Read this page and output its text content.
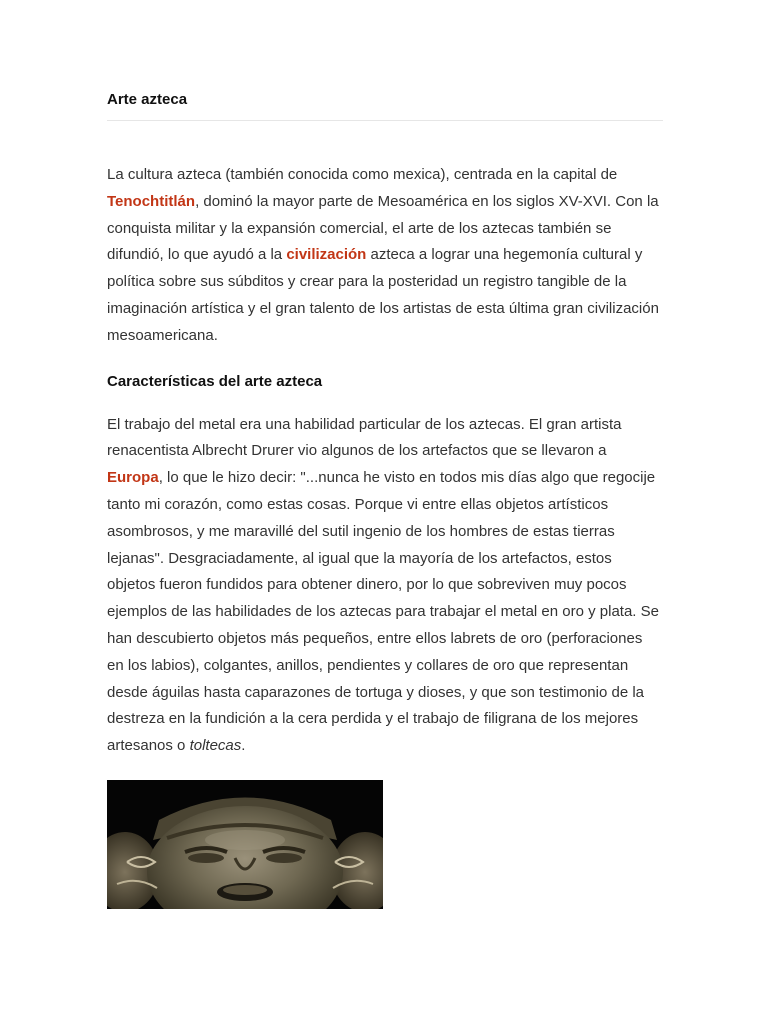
Arte azteca

La cultura azteca (también conocida como mexica), centrada en la capital de Tenochtitlán, dominó la mayor parte de Mesoamérica en los siglos XV-XVI. Con la conquista militar y la expansión comercial, el arte de los aztecas también se difundió, lo que ayudó a la civilización azteca a lograr una hegemonía cultural y política sobre sus súbditos y crear para la posteridad un registro tangible de la imaginación artística y el gran talento de los artistas de esta última gran civilización mesoamericana.

Características del arte azteca

El trabajo del metal era una habilidad particular de los aztecas. El gran artista renacentista Albrecht Drurer vio algunos de los artefactos que se llevaron a Europa, lo que le hizo decir: "...nunca he visto en todos mis días algo que regocije tanto mi corazón, como estas cosas. Porque vi entre ellas objetos artísticos asombrosos, y me maravillé del sutil ingenio de los hombres de estas tierras lejanas". Desgraciadamente, al igual que la mayoría de los artefactos, estos objetos fueron fundidos para obtener dinero, por lo que sobreviven muy pocos ejemplos de las habilidades de los aztecas para trabajar el metal en oro y plata. Se han descubierto objetos más pequeños, entre ellos labrets de oro (perforaciones en los labios), colgantes, anillos, pendientes y collares de oro que representan desde águilas hasta caparazones de tortuga y dioses, y que son testimonio de la destreza en la fundición a la cera perdida y el trabajo de filigrana de los mejores artesanos o toltecas.
